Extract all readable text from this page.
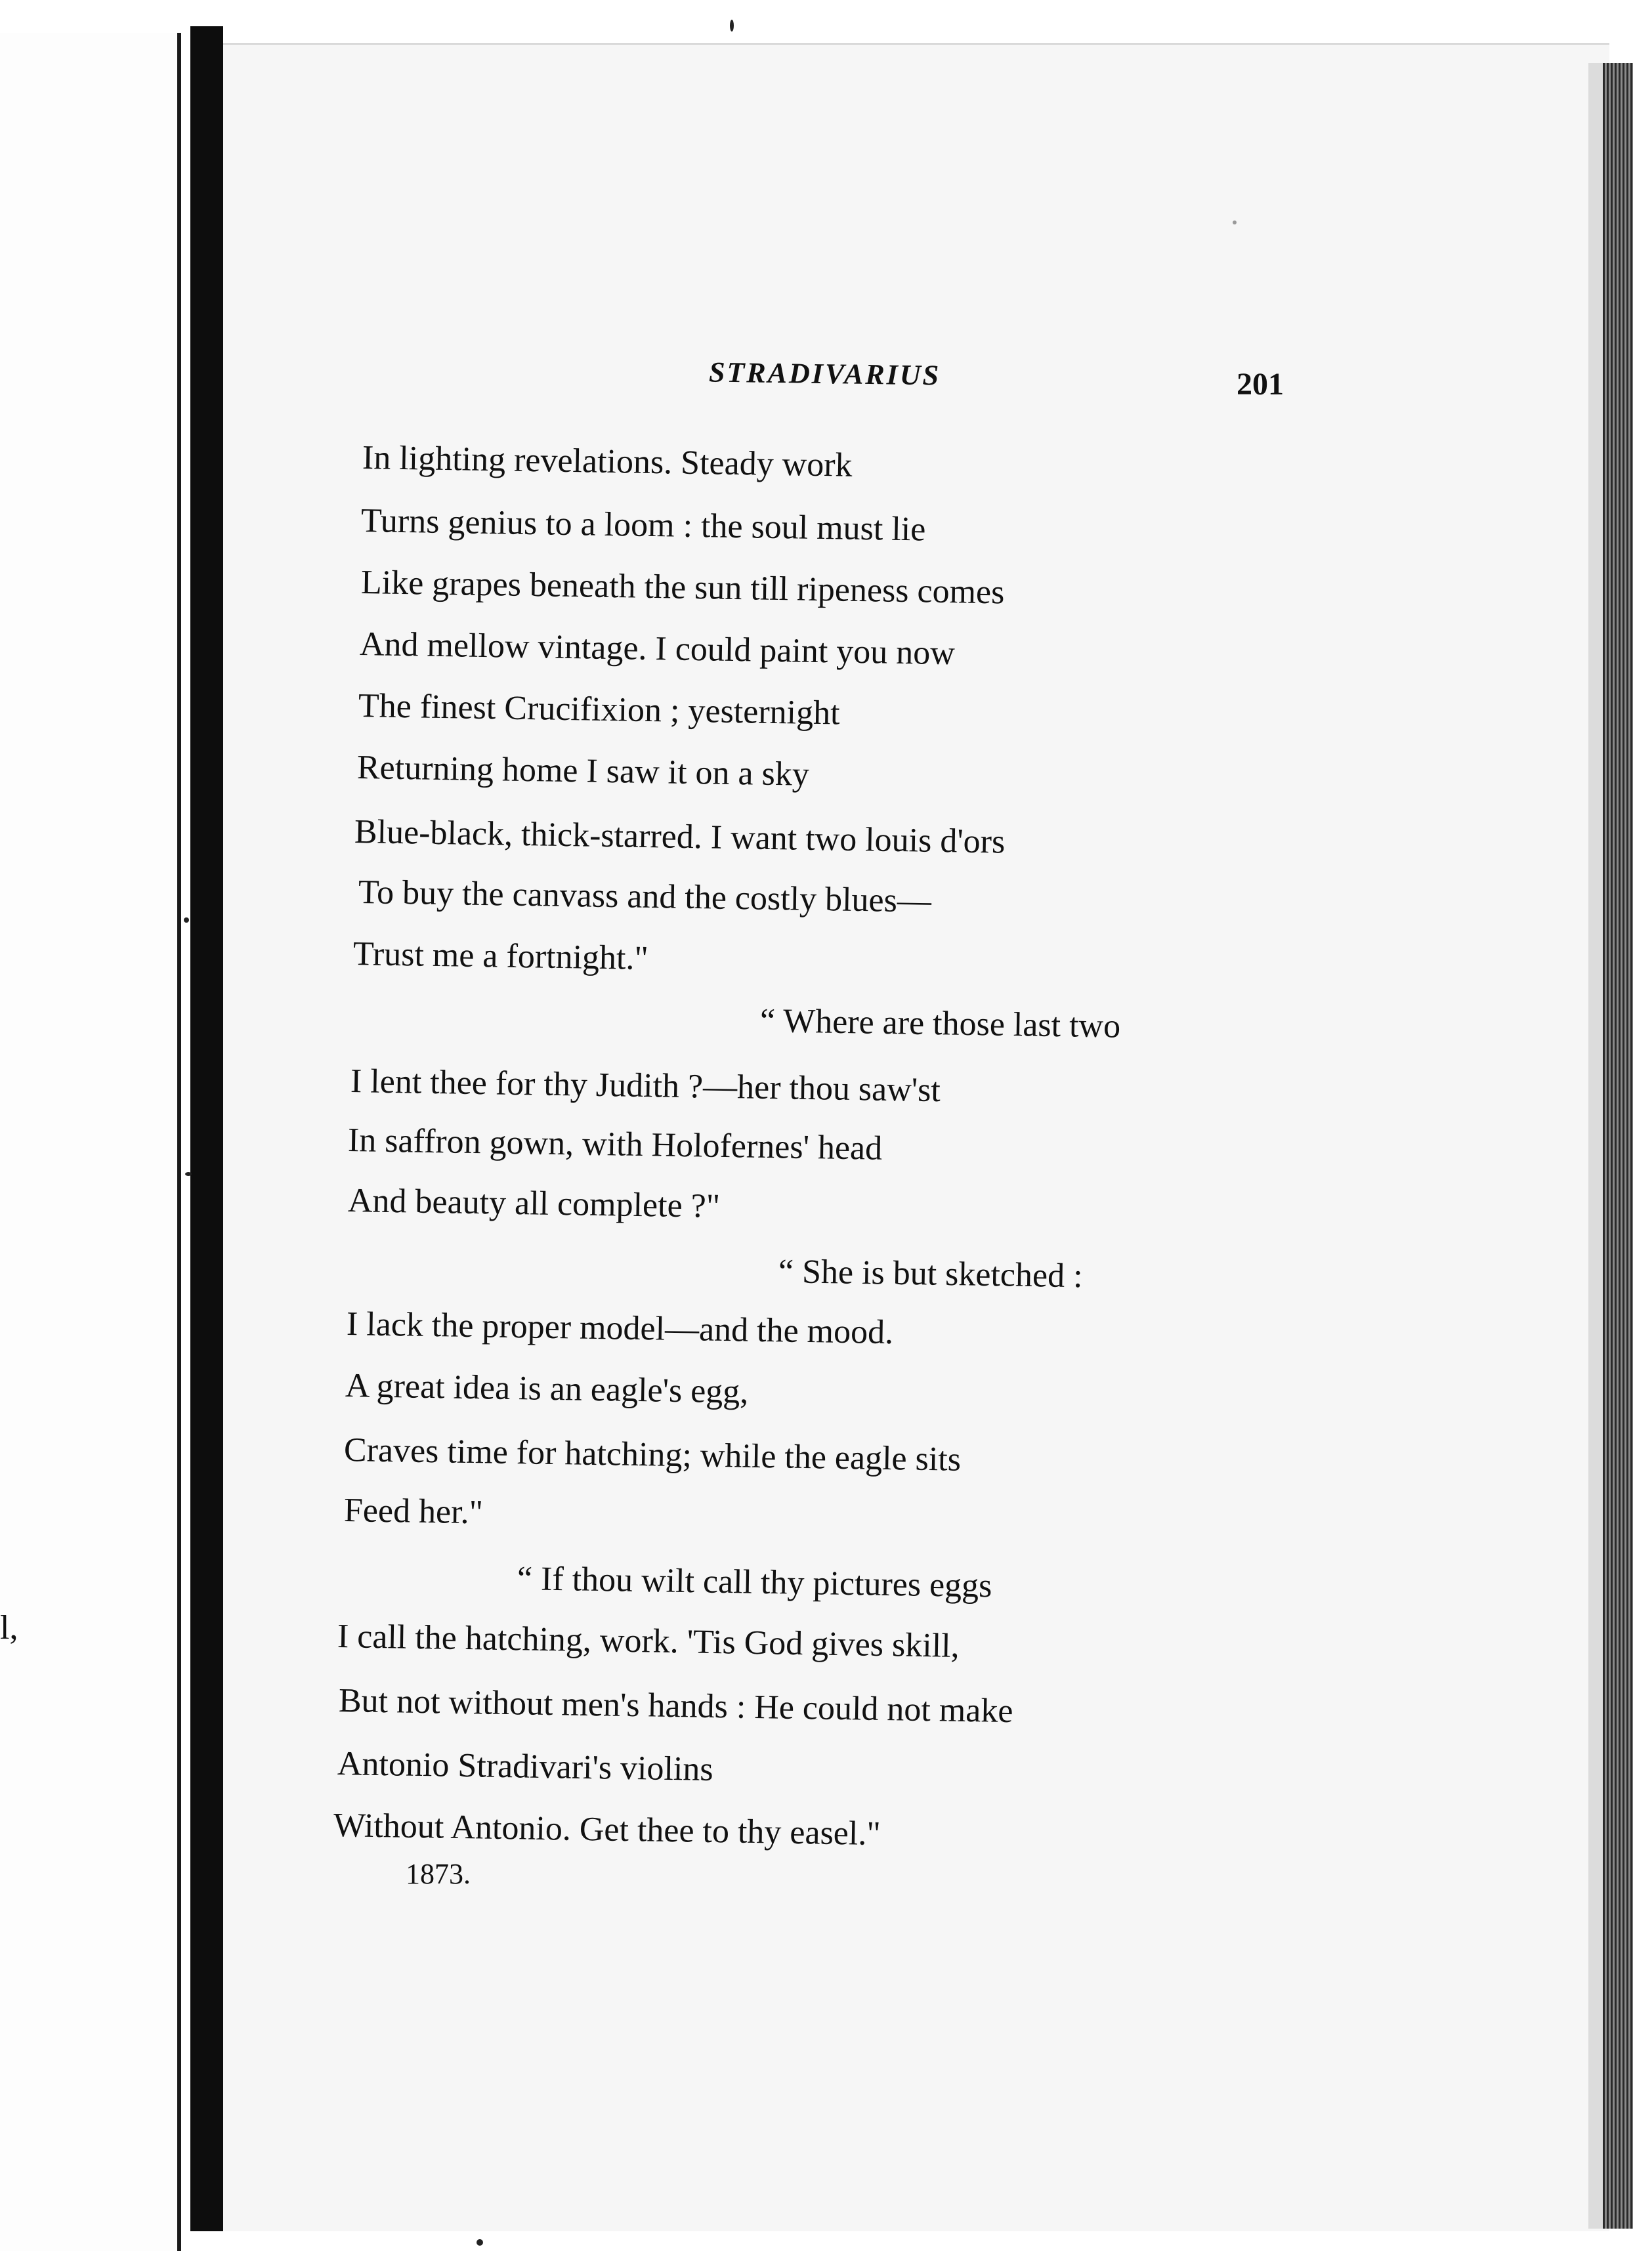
l,
STRADIVARIUS	201
In lighting revelations. Steady work
Turns genius to a loom : the soul must lie
Like grapes beneath the sun till ripeness comes
And mellow vintage. I could paint you now
The finest Crucifixion ; yesternight
Returning home I saw it on a sky
Blue-black, thick-starred. I want two louis d'ors
To buy the canvass and the costly blues—
Trust me a fortnight."
“ Where are those last two
I lent thee for thy Judith ?—her thou saw'st
In saffron gown, with Holofernes' head
And beauty all complete ?"
“ She is but sketched :
I lack the proper model—and the mood.
A great idea is an eagle's egg,
Craves time for hatching; while the eagle sits
Feed her."
“ If thou wilt call thy pictures eggs
I call the hatching, work. 'Tis God gives skill,
But not without men's hands : He could not make
Antonio Stradivari's violins
Without Antonio. Get thee to thy easel."
1873.
